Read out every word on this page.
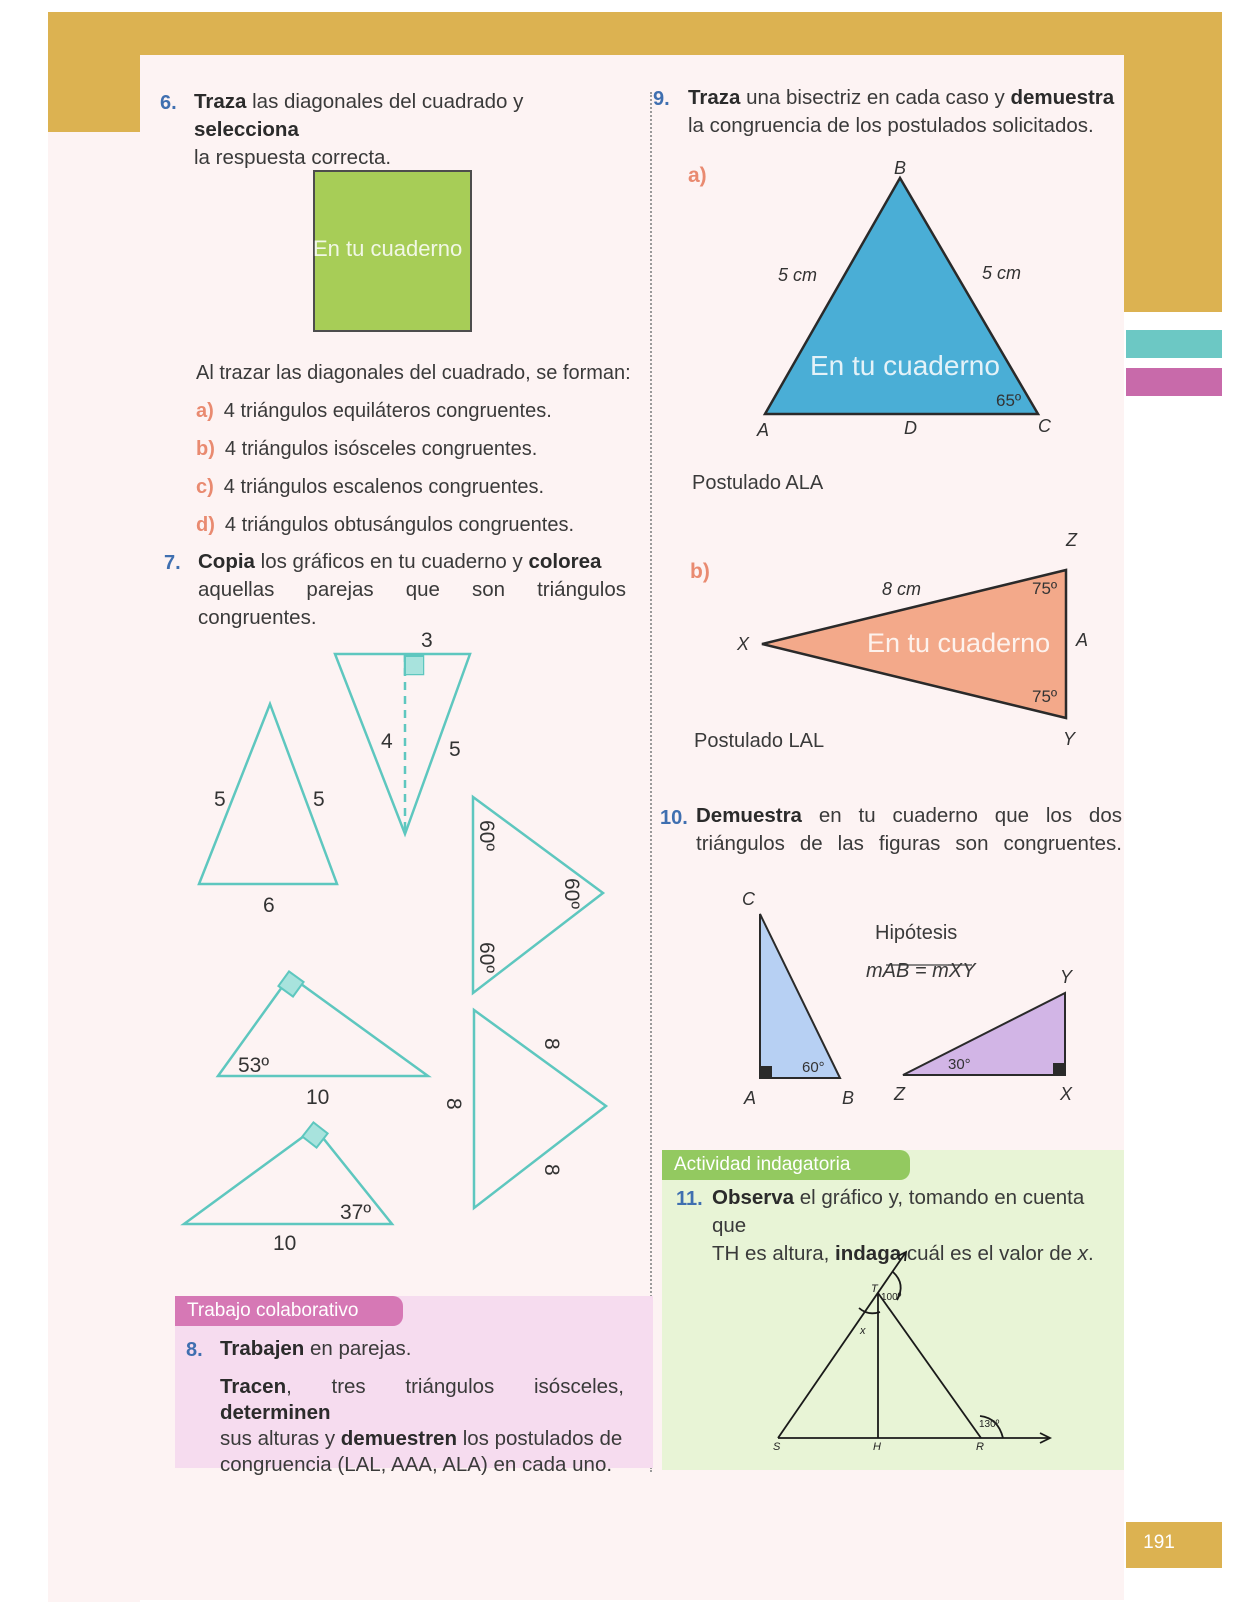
191
6. Traza las diagonales del cuadrado y selecciona
la respuesta correcta.
En tu cuaderno
Al trazar las diagonales del cuadrado, se forman:
a) 4 triángulos equiláteros congruentes.
b) 4 triángulos isósceles congruentes.
c) 4 triángulos escalenos congruentes.
d) 4 triángulos obtusángulos congruentes.
7. Copia los gráficos en tu cuaderno y colorea
aquellas parejas que son triángulos congruentes.
5	5
6
3
4	5
60º
60º
60º
53º
10
37º
10
8
8
8
Trabajo colaborativo
8. Trabajen en parejas.
Tracen, tres triángulos isósceles, determinen
sus alturas y demuestren los postulados de
congruencia (LAL, AAA, ALA) en cada uno.
9. Traza una bisectriz en cada caso y demuestra
la congruencia de los postulados solicitados.
a)	B
A	C
D
5 cm	5 cm
Z
X	A
Y
8 cm
65º
75º
75º
En tu cuaderno
Postulado ALA
b)
En tu cuaderno
Postulado LAL
10. Demuestra en tu cuaderno que los dos
triángulos de las figuras son congruentes.
C
A	B
Y
Z	X
60°	30°
Hipótesis
mAB = mXY
Actividad indagatoria
11. Observa el gráfico y, tomando en cuenta que
TH es altura, indaga cuál es el valor de x.
T
S	H	R
x
100º
130º
